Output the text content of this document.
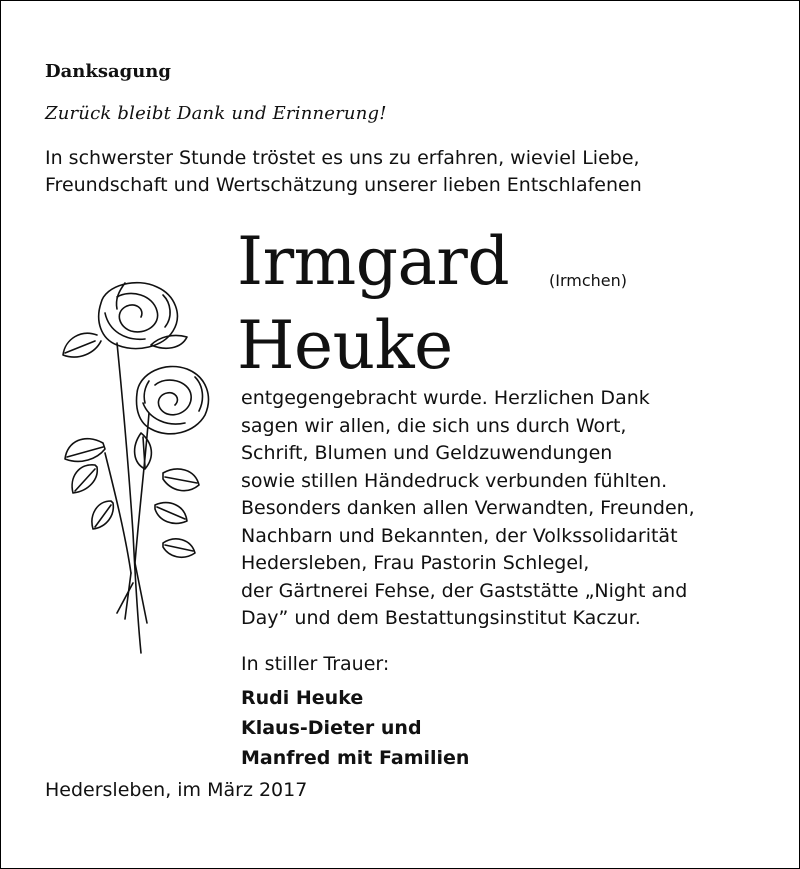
Danksagung

Zurück bleibt Dank und Erinnerung!

In schwerster Stunde tröstet es uns zu erfahren, wieviel Liebe,
Freundschaft und Wertschätzung unserer lieben Entschlafenen
Irmgard (Irmchen)
Heuke
entgegengebracht wurde. Herzlichen Dank
sagen wir allen, die sich uns durch Wort,
Schrift, Blumen und Geldzuwendungen
sowie stillen Händedruck verbunden fühlten.
Besonders danken allen Verwandten, Freunden,
Nachbarn und Bekannten, der Volkssolidarität
Hedersleben, Frau Pastorin Schlegel,
der Gärtnerei Fehse, der Gaststätte „Night and
Day” und dem Bestattungsinstitut Kaczur.
In stiller Trauer:
Rudi Heuke
Klaus-Dieter und
Manfred mit Familien
Hedersleben, im März 2017
